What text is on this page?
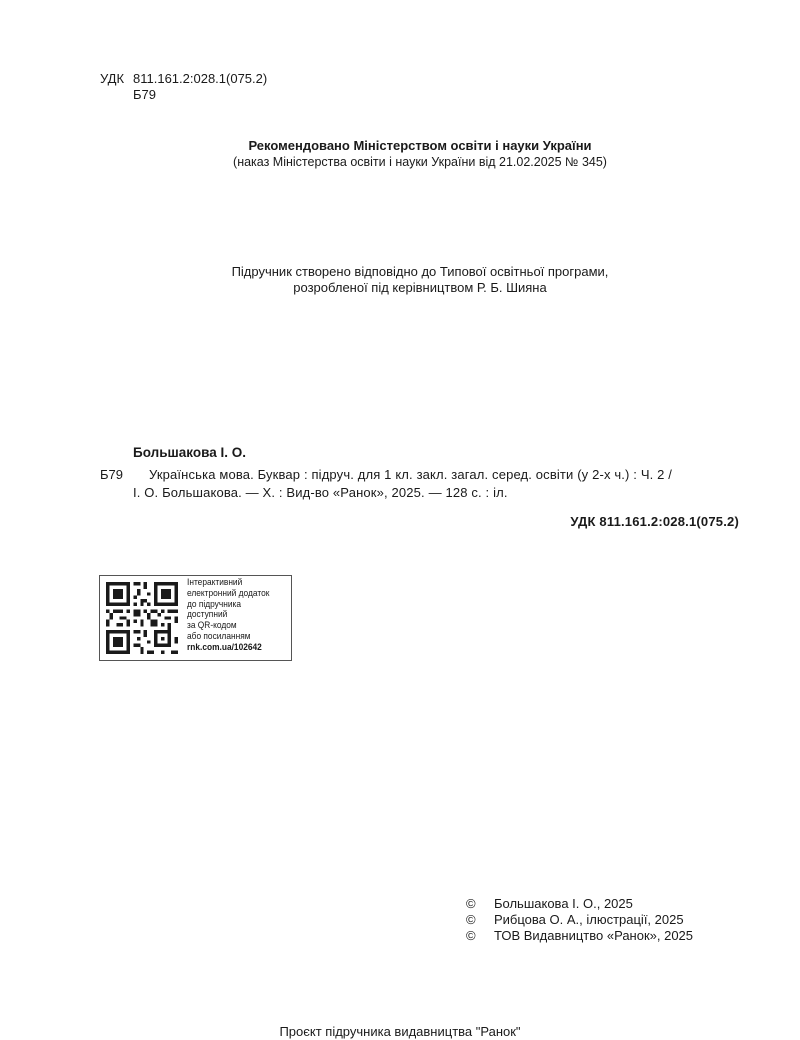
УДК 811.161.2:028.1(075.2)
Б79
Рекомендовано Міністерством освіти і науки України
(наказ Міністерства освіти і науки України від 21.02.2025 № 345)
Підручник створено відповідно до Типової освітньої програми,
розробленої під керівництвом Р. Б. Шияна
Большакова І. О.
Б79 Українська мова. Буквар : підруч. для 1 кл. закл. загал. серед. освіти (у 2-х ч.) : Ч. 2 /
І. О. Большакова. — Х. : Вид-во «Ранок», 2025. — 128 с. : іл.
УДК 811.161.2:028.1(075.2)
Інтерактивний
електронний додаток
до підручника
доступний
за QR-кодом
або посиланням
rnk.com.ua/102642
©	Большакова І. О., 2025
©	Рибцова О. А., ілюстрації, 2025
©	ТОВ Видавництво «Ранок», 2025
Проєкт підручника видавництва "Ранок"
